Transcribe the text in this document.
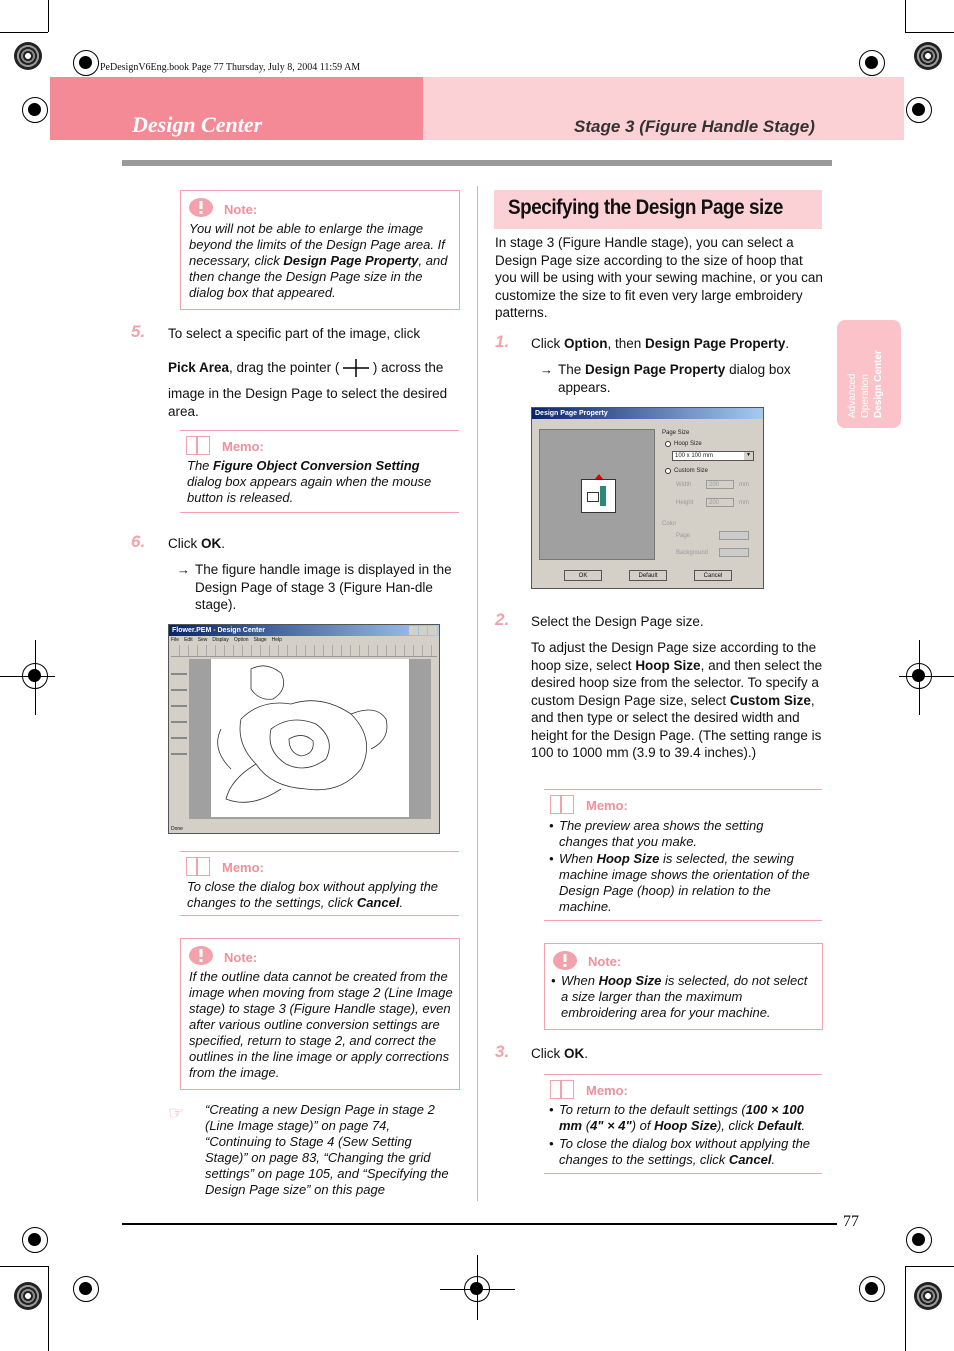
PeDesignV6Eng.book Page 77 Thursday, July 8, 2004 11:59 AM
Design Center	Stage 3 (Figure Handle Stage)
Advanced Operation Design Center
Note:
You will not be able to enlarge the image beyond the limits of the Design Page area. If necessary, click Design Page Property, and then change the Design Page size in the dialog box that appeared.
5. To select a specific part of the image, click
Pick Area, drag the pointer ( ) across the
image in the Design Page to select the desired area.
Memo:
The Figure Object Conversion Setting dialog box appears again when the mouse button is released.
6. Click OK.
→ The figure handle image is displayed in the Design Page of stage 3 (Figure Han-dle stage).
Flower.PEM - Design Center
File Edit Sew Display Option Stage Help
Done
Memo:
To close the dialog box without applying the changes to the settings, click Cancel.
Note:
If the outline data cannot be created from the image when moving from stage 2 (Line Image stage) to stage 3 (Figure Handle stage), even after various outline conversion settings are specified, return to stage 2, and correct the outlines in the line image or apply corrections from the image.
☞ “Creating a new Design Page in stage 2 (Line Image stage)” on page 74, “Continuing to Stage 4 (Sew Setting Stage)” on page 83, “Changing the grid settings” on page 105, and “Specifying the Design Page size” on this page
Specifying the Design Page size
In stage 3 (Figure Handle stage), you can select a Design Page size according to the size of hoop that you will be using with your sewing machine, or you can customize the size to fit even very large embroidery patterns.
1. Click Option, then Design Page Property.
→ The Design Page Property dialog box appears.
Design Page Property
Page Size
Hoop Size
100 x 100 mm	▼
Custom Size
Width	200	mm
Height	200	mm
Color
Page
Background
OK	Default	Cancel
2. Select the Design Page size.
To adjust the Design Page size according to the hoop size, select Hoop Size, and then select the desired hoop size from the selector. To specify a custom Design Page size, select Custom Size, and then type or select the desired width and height for the Design Page. (The setting range is 100 to 1000 mm (3.9 to 39.4 inches).)
Memo:
• The preview area shows the setting changes that you make.
• When Hoop Size is selected, the sewing machine image shows the orientation of the Design Page (hoop) in relation to the machine.
Note:
• When Hoop Size is selected, do not select a size larger than the maximum embroidering area for your machine.
3. Click OK.
Memo:
• To return to the default settings (100 × 100 mm (4" × 4") of Hoop Size), click Default.
• To close the dialog box without applying the changes to the settings, click Cancel.
77
